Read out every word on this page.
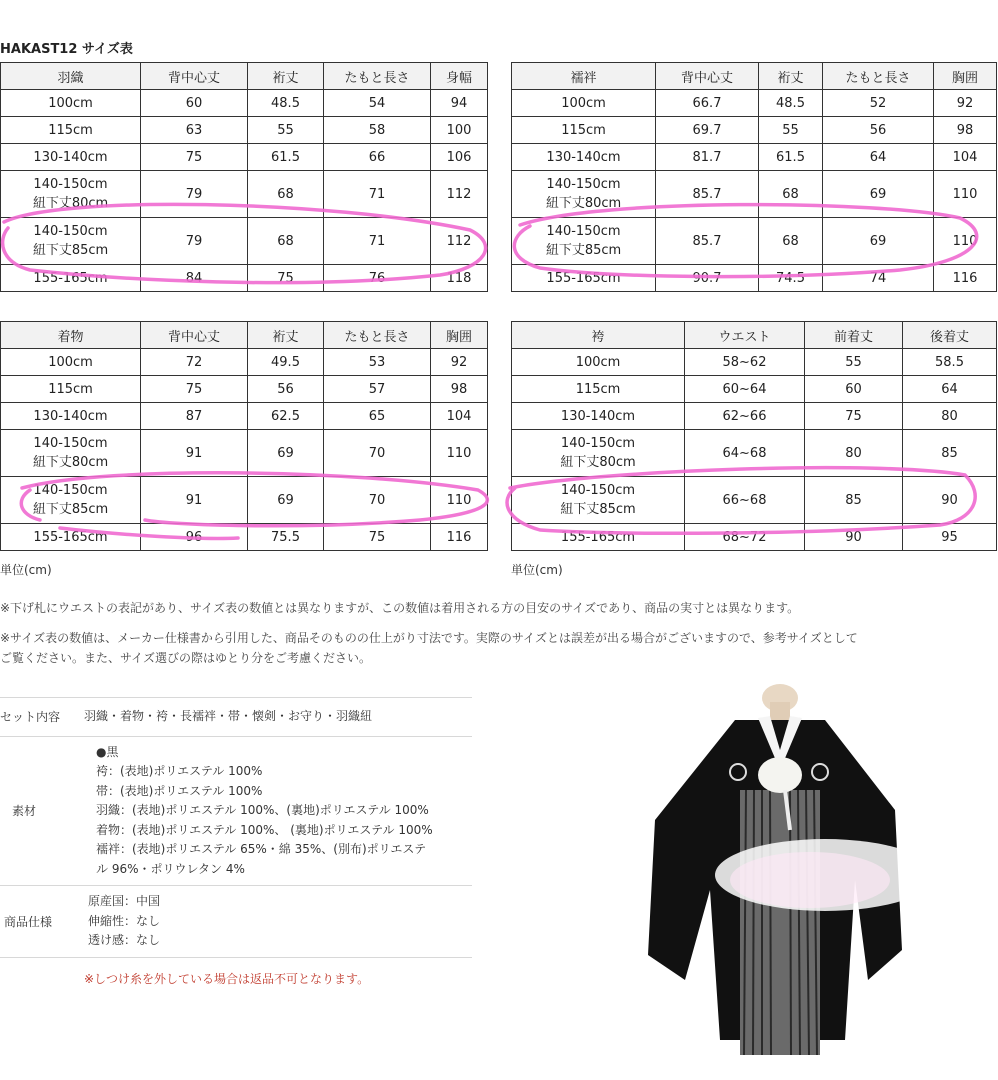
HAKAST12 サイズ表
羽織	背中心丈	裄丈	たもと長さ	身幅
100cm	60	48.5	54	94
115cm	63	55	58	100
130-140cm	75	61.5	66	106
140-150cm
紐下丈80cm	79	68	71	112
140-150cm
紐下丈85cm	79	68	71	112
155-165cm	84	75	76	118
襦袢	背中心丈	裄丈	たもと長さ	胸囲
100cm	66.7	48.5	52	92
115cm	69.7	55	56	98
130-140cm	81.7	61.5	64	104
140-150cm
紐下丈80cm	85.7	68	69	110
140-150cm
紐下丈85cm	85.7	68	69	110
155-165cm	90.7	74.5	74	116
着物	背中心丈	裄丈	たもと長さ	胸囲
100cm	72	49.5	53	92
115cm	75	56	57	98
130-140cm	87	62.5	65	104
140-150cm
紐下丈80cm	91	69	70	110
140-150cm
紐下丈85cm	91	69	70	110
155-165cm	96	75.5	75	116
袴	ウエスト	前着丈	後着丈
100cm	58~62	55	58.5
115cm	60~64	60	64
130-140cm	62~66	75	80
140-150cm
紐下丈80cm	64~68	80	85
140-150cm
紐下丈85cm	66~68	85	90
155-165cm	68~72	90	95
単位(cm)	単位(cm)
※下げ札にウエストの表記があり、サイズ表の数値とは異なりますが、この数値は着用される方の目安のサイズであり、商品の実寸とは異なります。
※サイズ表の数値は、メーカー仕様書から引用した、商品そのものの仕上がり寸法です。実際のサイズとは誤差が出る場合がございますので、参考サイズとして
ご覧ください。また、サイズ選びの際はゆとり分をご考慮ください。
セット内容	羽織・着物・袴・長襦袢・帯・懐剣・お守り・羽織紐
素材
●黒
袴：(表地)ポリエステル 100%
帯：(表地)ポリエステル 100%
羽織：(表地)ポリエステル 100%、(裏地)ポリエステル 100%
着物：(表地)ポリエステル 100%、 (裏地)ポリエステル 100%
襦袢：(表地)ポリエステル 65%・綿 35%、(別布)ポリエステ
ル 96%・ポリウレタン 4%
商品仕様
原産国：中国
伸縮性：なし
透け感：なし
※しつけ糸を外している場合は返品不可となります。
